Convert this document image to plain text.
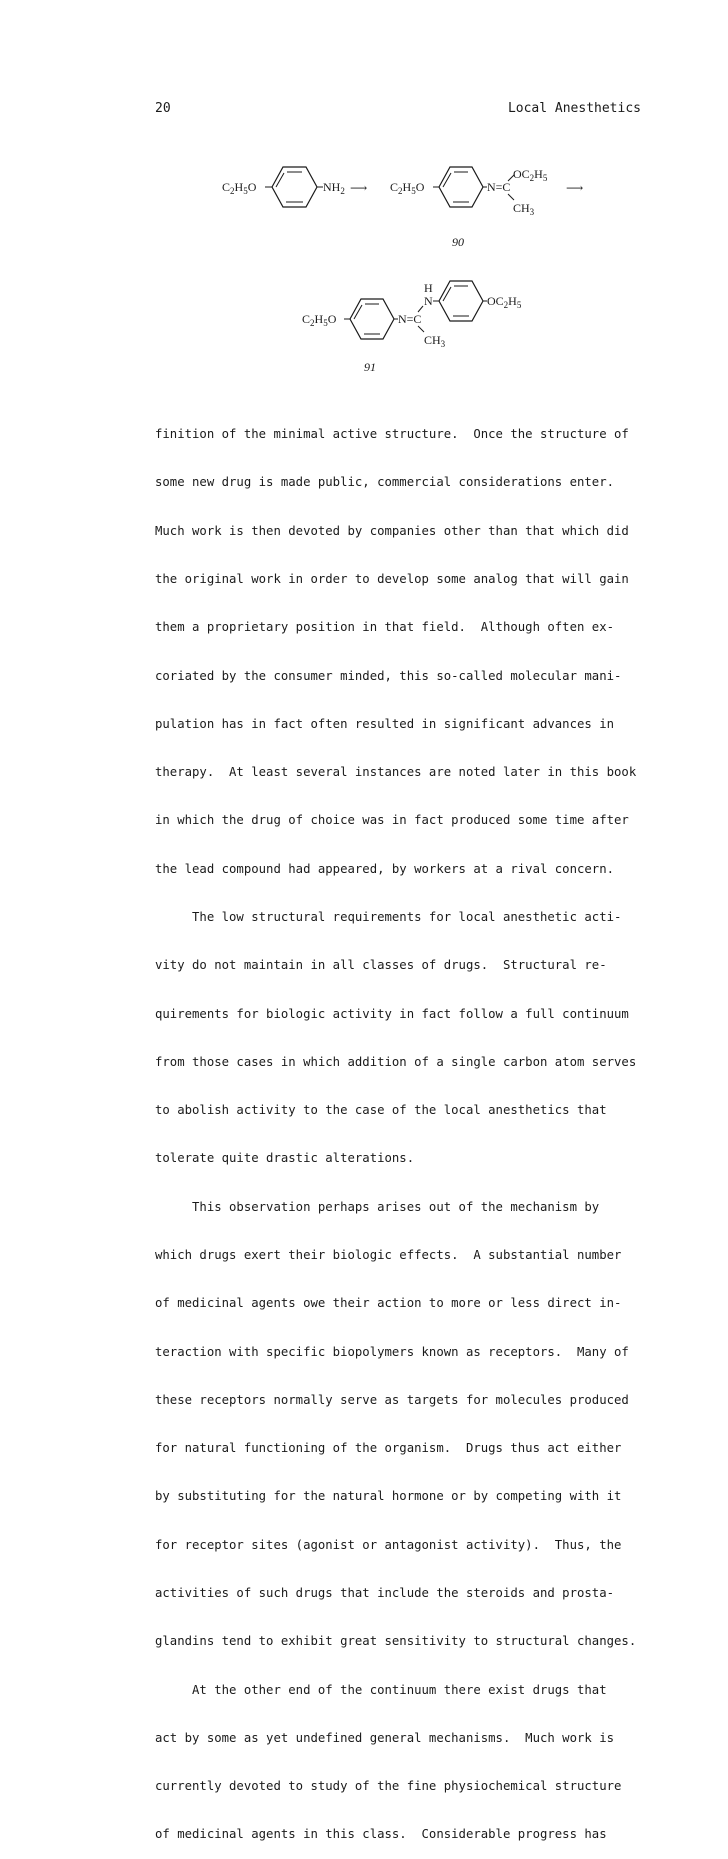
20	Local Anesthetics
$C_2H_5O$	$NH_2$ ⟶ $C_2H_5O$	N=C
$OC_2H_5$
$CH_3$
⟶
90
$C_2H_5O$	N=C
H
N	$OC_2H_5$
$CH_3$
91

finition of the minimal active structure.  Once the structure of

some new drug is made public, commercial considerations enter.

Much work is then devoted by companies other than that which did

the original work in order to develop some analog that will gain

them a proprietary position in that field.  Although often ex-

coriated by the consumer minded, this so-called molecular mani-

pulation has in fact often resulted in significant advances in

therapy.  At least several instances are noted later in this book

in which the drug of choice was in fact produced some time after

the lead compound had appeared, by workers at a rival concern.

The low structural requirements for local anesthetic acti-

vity do not maintain in all classes of drugs.  Structural re-

quirements for biologic activity in fact follow a full continuum

from those cases in which addition of a single carbon atom serves

to abolish activity to the case of the local anesthetics that

tolerate quite drastic alterations.

This observation perhaps arises out of the mechanism by

which drugs exert their biologic effects.  A substantial number

of medicinal agents owe their action to more or less direct in-

teraction with specific biopolymers known as receptors.  Many of

these receptors normally serve as targets for molecules produced

for natural functioning of the organism.  Drugs thus act either

by substituting for the natural hormone or by competing with it

for receptor sites (agonist or antagonist activity).  Thus, the

activities of such drugs that include the steroids and prosta-

glandins tend to exhibit great sensitivity to structural changes.

At the other end of the continuum there exist drugs that

act by some as yet undefined general mechanisms.  Much work is

currently devoted to study of the fine physiochemical structure

of medicinal agents in this class.  Considerable progress has
